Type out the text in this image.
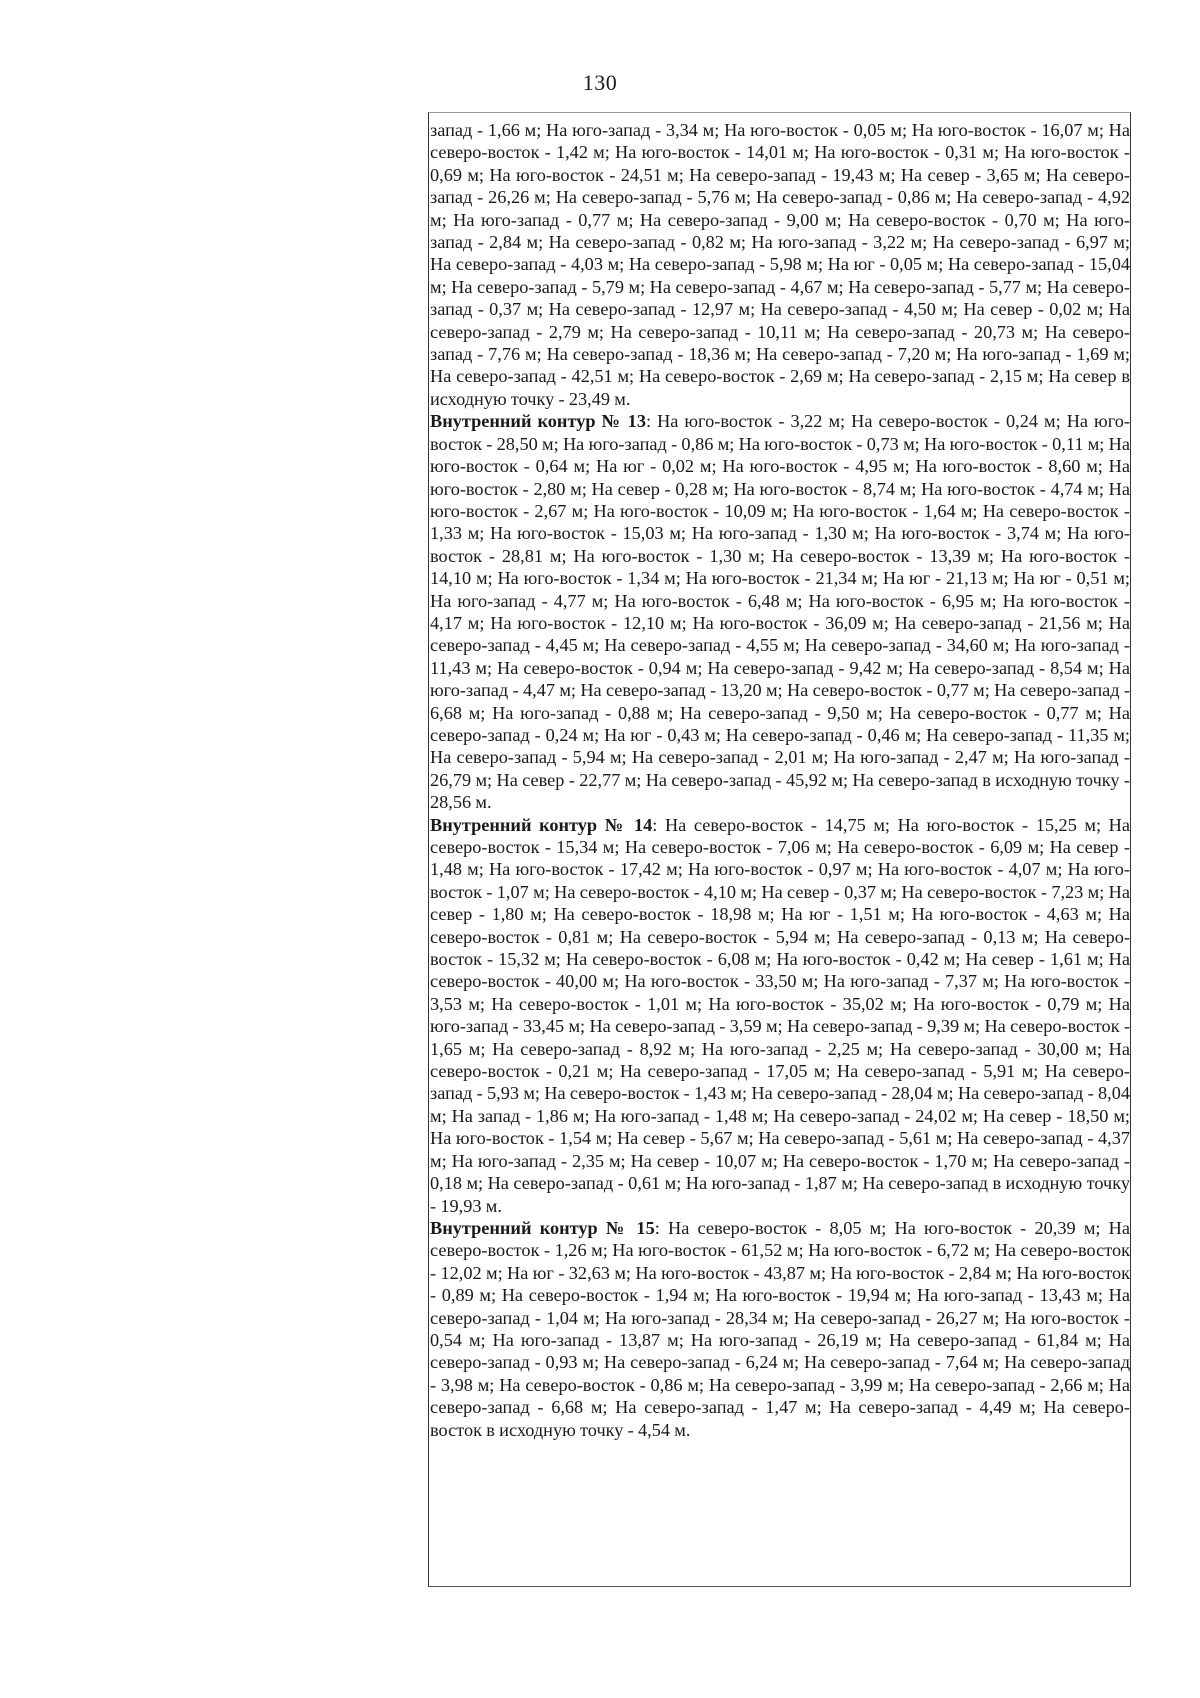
130

запад - 1,66 м; На юго-запад - 3,34 м; На юго-восток - 0,05 м; На юго-восток - 16,07 м; На северо-восток - 1,42 м; На юго-восток - 14,01 м; На юго-восток - 0,31 м; На юго-восток - 0,69 м; На юго-восток - 24,51 м; На северо-запад - 19,43 м; На север - 3,65 м; На северо-запад - 26,26 м; На северо-запад - 5,76 м; На северо-запад - 0,86 м; На северо-запад - 4,92 м; На юго-запад - 0,77 м; На северо-запад - 9,00 м; На северо-восток - 0,70 м; На юго-запад - 2,84 м; На северо-запад - 0,82 м; На юго-запад - 3,22 м; На северо-запад - 6,97 м; На северо-запад - 4,03 м; На северо-запад - 5,98 м; На юг - 0,05 м; На северо-запад - 15,04 м; На северо-запад - 5,79 м; На северо-запад - 4,67 м; На северо-запад - 5,77 м; На северо-запад - 0,37 м; На северо-запад - 12,97 м; На северо-запад - 4,50 м; На север - 0,02 м; На северо-запад - 2,79 м; На северо-запад - 10,11 м; На северо-запад - 20,73 м; На северо-запад - 7,76 м; На северо-запад - 18,36 м; На северо-запад - 7,20 м; На юго-запад - 1,69 м; На северо-запад - 42,51 м; На северо-восток - 2,69 м; На северо-запад - 2,15 м; На север в исходную точку - 23,49 м.

Внутренний контур № 13: На юго-восток - 3,22 м; На северо-восток - 0,24 м; На юго-восток - 28,50 м; На юго-запад - 0,86 м; На юго-восток - 0,73 м; На юго-восток - 0,11 м; На юго-восток - 0,64 м; На юг - 0,02 м; На юго-восток - 4,95 м; На юго-восток - 8,60 м; На юго-восток - 2,80 м; На север - 0,28 м; На юго-восток - 8,74 м; На юго-восток - 4,74 м; На юго-восток - 2,67 м; На юго-восток - 10,09 м; На юго-восток - 1,64 м; На северо-восток - 1,33 м; На юго-восток - 15,03 м; На юго-запад - 1,30 м; На юго-восток - 3,74 м; На юго-восток - 28,81 м; На юго-восток - 1,30 м; На северо-восток - 13,39 м; На юго-восток - 14,10 м; На юго-восток - 1,34 м; На юго-восток - 21,34 м; На юг - 21,13 м; На юг - 0,51 м; На юго-запад - 4,77 м; На юго-восток - 6,48 м; На юго-восток - 6,95 м; На юго-восток - 4,17 м; На юго-восток - 12,10 м; На юго-восток - 36,09 м; На северо-запад - 21,56 м; На северо-запад - 4,45 м; На северо-запад - 4,55 м; На северо-запад - 34,60 м; На юго-запад - 11,43 м; На северо-восток - 0,94 м; На северо-запад - 9,42 м; На северо-запад - 8,54 м; На юго-запад - 4,47 м; На северо-запад - 13,20 м; На северо-восток - 0,77 м; На северо-запад - 6,68 м; На юго-запад - 0,88 м; На северо-запад - 9,50 м; На северо-восток - 0,77 м; На северо-запад - 0,24 м; На юг - 0,43 м; На северо-запад - 0,46 м; На северо-запад - 11,35 м; На северо-запад - 5,94 м; На северо-запад - 2,01 м; На юго-запад - 2,47 м; На юго-запад - 26,79 м; На север - 22,77 м; На северо-запад - 45,92 м; На северо-запад в исходную точку - 28,56 м.

Внутренний контур № 14: На северо-восток - 14,75 м; На юго-восток - 15,25 м; На северо-восток - 15,34 м; На северо-восток - 7,06 м; На северо-восток - 6,09 м; На север - 1,48 м; На юго-восток - 17,42 м; На юго-восток - 0,97 м; На юго-восток - 4,07 м; На юго-восток - 1,07 м; На северо-восток - 4,10 м; На север - 0,37 м; На северо-восток - 7,23 м; На север - 1,80 м; На северо-восток - 18,98 м; На юг - 1,51 м; На юго-восток - 4,63 м; На северо-восток - 0,81 м; На северо-восток - 5,94 м; На северо-запад - 0,13 м; На северо-восток - 15,32 м; На северо-восток - 6,08 м; На юго-восток - 0,42 м; На север - 1,61 м; На северо-восток - 40,00 м; На юго-восток - 33,50 м; На юго-запад - 7,37 м; На юго-восток - 3,53 м; На северо-восток - 1,01 м; На юго-восток - 35,02 м; На юго-восток - 0,79 м; На юго-запад - 33,45 м; На северо-запад - 3,59 м; На северо-запад - 9,39 м; На северо-восток - 1,65 м; На северо-запад - 8,92 м; На юго-запад - 2,25 м; На северо-запад - 30,00 м; На северо-восток - 0,21 м; На северо-запад - 17,05 м; На северо-запад - 5,91 м; На северо-запад - 5,93 м; На северо-восток - 1,43 м; На северо-запад - 28,04 м; На северо-запад - 8,04 м; На запад - 1,86 м; На юго-запад - 1,48 м; На северо-запад - 24,02 м; На север - 18,50 м; На юго-восток - 1,54 м; На север - 5,67 м; На северо-запад - 5,61 м; На северо-запад - 4,37 м; На юго-запад - 2,35 м; На север - 10,07 м; На северо-восток - 1,70 м; На северо-запад - 0,18 м; На северо-запад - 0,61 м; На юго-запад - 1,87 м; На северо-запад в исходную точку - 19,93 м.

Внутренний контур № 15: На северо-восток - 8,05 м; На юго-восток - 20,39 м; На северо-восток - 1,26 м; На юго-восток - 61,52 м; На юго-восток - 6,72 м; На северо-восток - 12,02 м; На юг - 32,63 м; На юго-восток - 43,87 м; На юго-восток - 2,84 м; На юго-восток - 0,89 м; На северо-восток - 1,94 м; На юго-восток - 19,94 м; На юго-запад - 13,43 м; На северо-запад - 1,04 м; На юго-запад - 28,34 м; На северо-запад - 26,27 м; На юго-восток - 0,54 м; На юго-запад - 13,87 м; На юго-запад - 26,19 м; На северо-запад - 61,84 м; На северо-запад - 0,93 м; На северо-запад - 6,24 м; На северо-запад - 7,64 м; На северо-запад - 3,98 м; На северо-восток - 0,86 м; На северо-запад - 3,99 м; На северо-запад - 2,66 м; На северо-запад - 6,68 м; На северо-запад - 1,47 м; На северо-запад - 4,49 м; На северо-восток в исходную точку - 4,54 м.
